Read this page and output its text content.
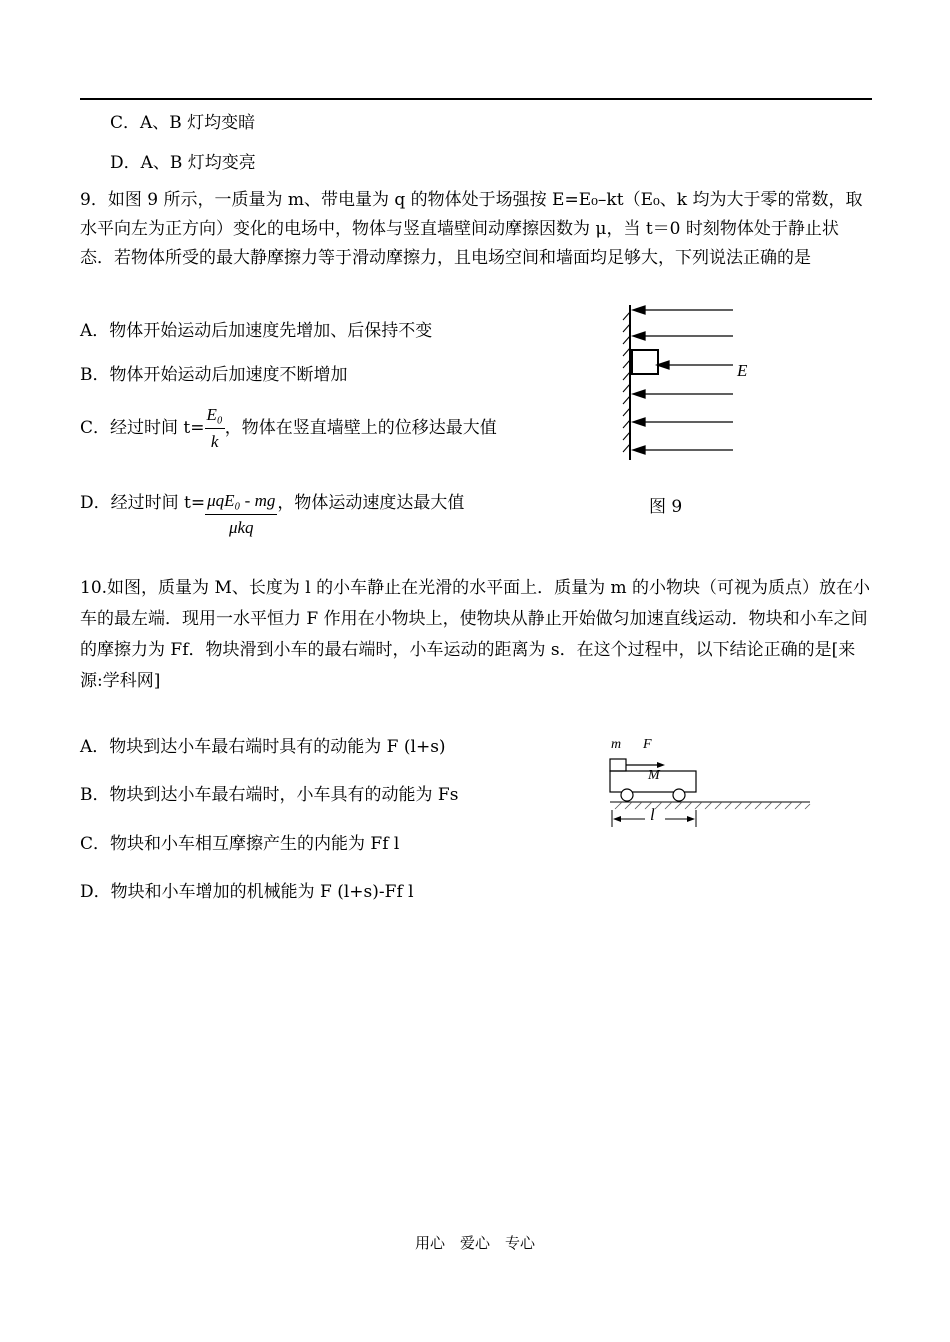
C．A、B 灯均变暗
D．A、B 灯均变亮
9．如图 9 所示，一质量为 m、带电量为 q 的物体处于场强按 E=E₀–kt（E₀、k 均为大于零的常数，取水平向左为正方向）变化的电场中，物体与竖直墙壁间动摩擦因数为 μ，当 t＝0 时刻物体处于静止状态．若物体所受的最大静摩擦力等于滑动摩擦力，且电场空间和墙面均足够大，下列说法正确的是
A．物体开始运动后加速度先增加、后保持不变
B．物体开始运动后加速度不断增加
C．经过时间 $t= \frac{\text{E₀}}{k}$ ，物体在竖直墙壁上的位移达最大值
D．经过时间 $t= \frac{\text{μqE₀ - mg}}{\text{μkq}}$ ，物体运动速度达最大值
E
图 9
10.如图，质量为 M、长度为 l 的小车静止在光滑的水平面上．质量为 m 的小物块（可视为质点）放在小车的最左端．现用一水平恒力 F 作用在小物块上，使物块从静止开始做匀加速直线运动．物块和小车之间的摩擦力为 Ff．物块滑到小车的最右端时，小车运动的距离为 s．在这个过程中，以下结论正确的是[来源:学科网]
A．物块到达小车最右端时具有的动能为 F (l+s)
B．物块到达小车最右端时，小车具有的动能为 Fs
C．物块和小车相互摩擦产生的内能为 Ff l
D．物块和小车增加的机械能为 F (l+s)-Ff l
m F
M
l
用心　爱心　专心
